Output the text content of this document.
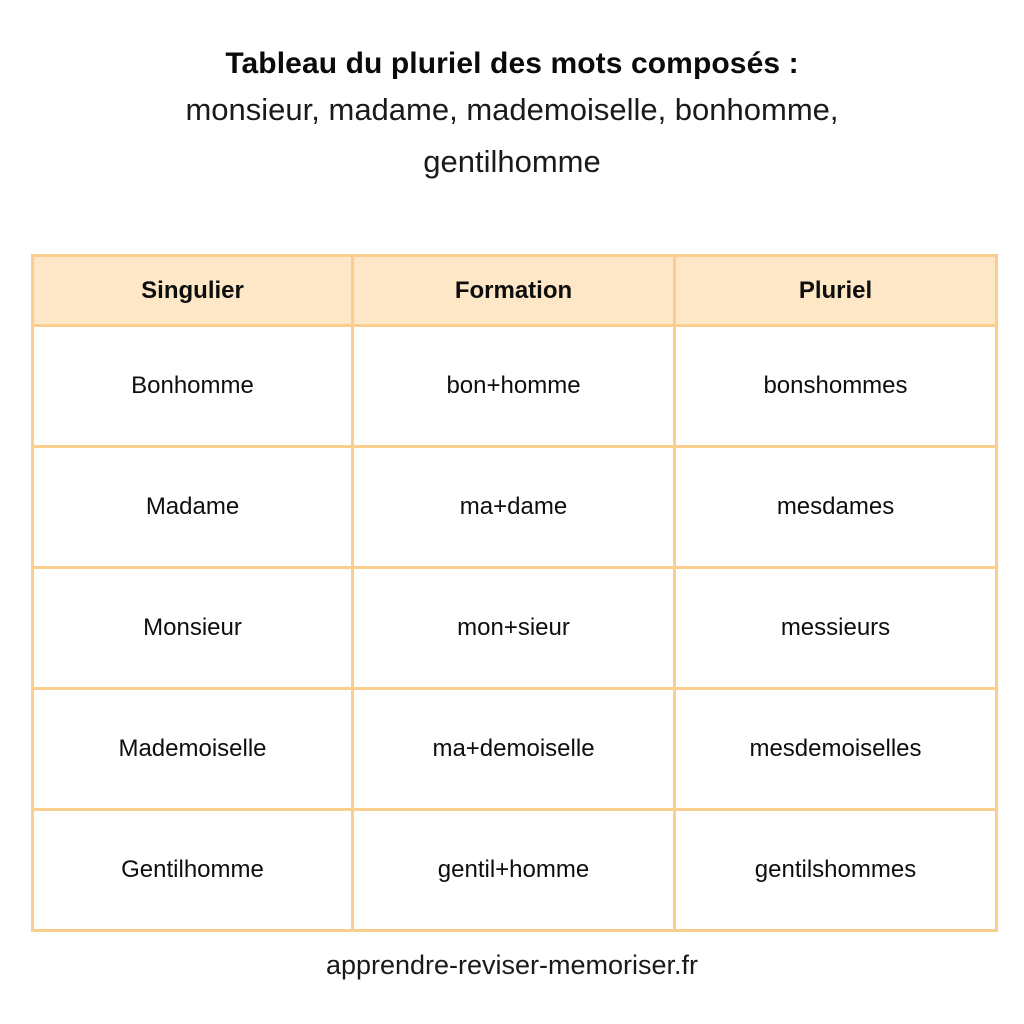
Tableau du pluriel des mots composés :
monsieur, madame, mademoiselle, bonhomme, gentilhomme
Singulier	Formation	Pluriel
Bonhomme	bon+homme	bonshommes
Madame	ma+dame	mesdames
Monsieur	mon+sieur	messieurs
Mademoiselle	ma+demoiselle	mesdemoiselles
Gentilhomme	gentil+homme	gentilshommes
apprendre-reviser-memoriser.fr
